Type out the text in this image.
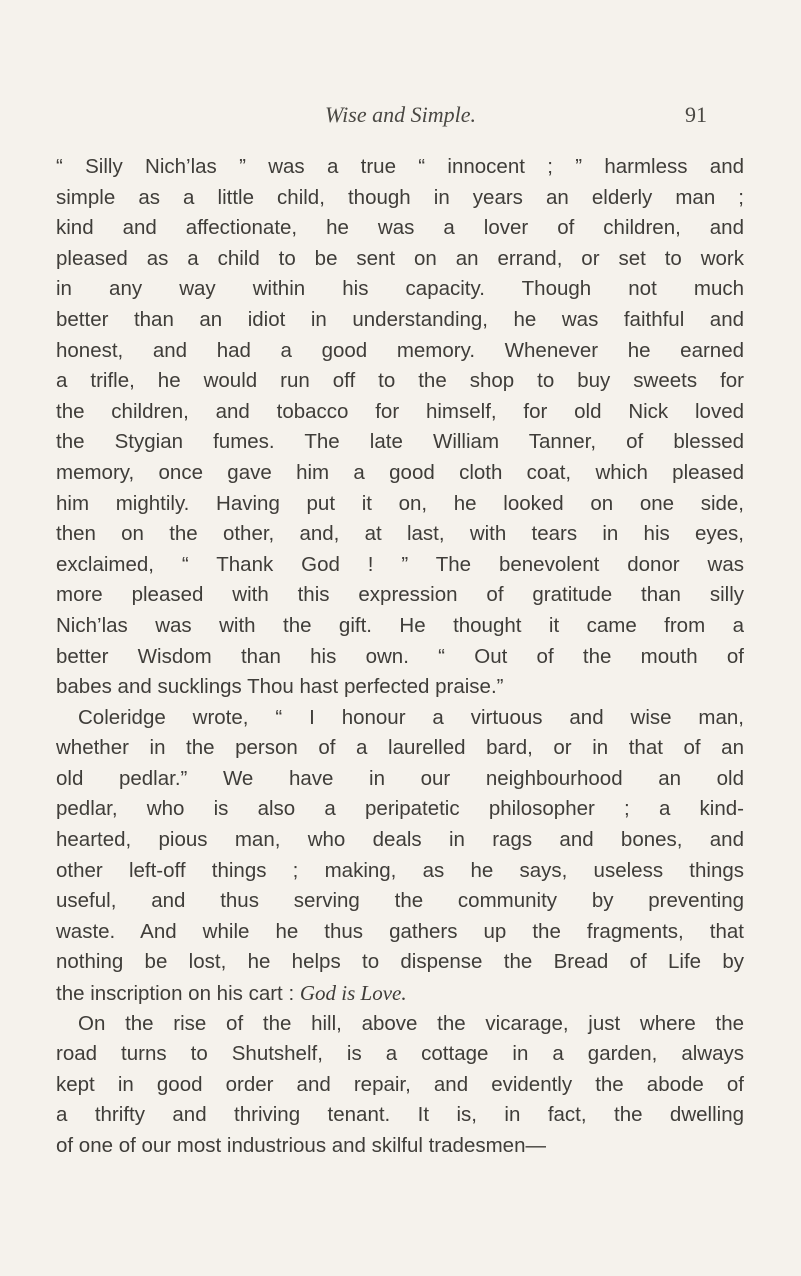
Wise and Simple.	91
“ Silly Nich’las ” was a true “ innocent ; ” harmless and
simple as a little child, though in years an elderly man ;
kind and affectionate, he was a lover of children, and
pleased as a child to be sent on an errand, or set to work
in any way within his capacity. Though not much
better than an idiot in understanding, he was faithful and
honest, and had a good memory. Whenever he earned
a trifle, he would run off to the shop to buy sweets for
the children, and tobacco for himself, for old Nick loved
the Stygian fumes. The late William Tanner, of blessed
memory, once gave him a good cloth coat, which pleased
him mightily. Having put it on, he looked on one side,
then on the other, and, at last, with tears in his eyes,
exclaimed, “ Thank God ! ” The benevolent donor was
more pleased with this expression of gratitude than silly
Nich’las was with the gift. He thought it came from a
better Wisdom than his own. “ Out of the mouth of
babes and sucklings Thou hast perfected praise.”
Coleridge wrote, “ I honour a virtuous and wise man,
whether in the person of a laurelled bard, or in that of an
old pedlar.” We have in our neighbourhood an old
pedlar, who is also a peripatetic philosopher ; a kind-
hearted, pious man, who deals in rags and bones, and
other left-off things ; making, as he says, useless things
useful, and thus serving the community by preventing
waste. And while he thus gathers up the fragments, that
nothing be lost, he helps to dispense the Bread of Life by
the inscription on his cart : God is Love.
On the rise of the hill, above the vicarage, just where the
road turns to Shutshelf, is a cottage in a garden, always
kept in good order and repair, and evidently the abode of
a thrifty and thriving tenant. It is, in fact, the dwelling
of one of our most industrious and skilful tradesmen—
